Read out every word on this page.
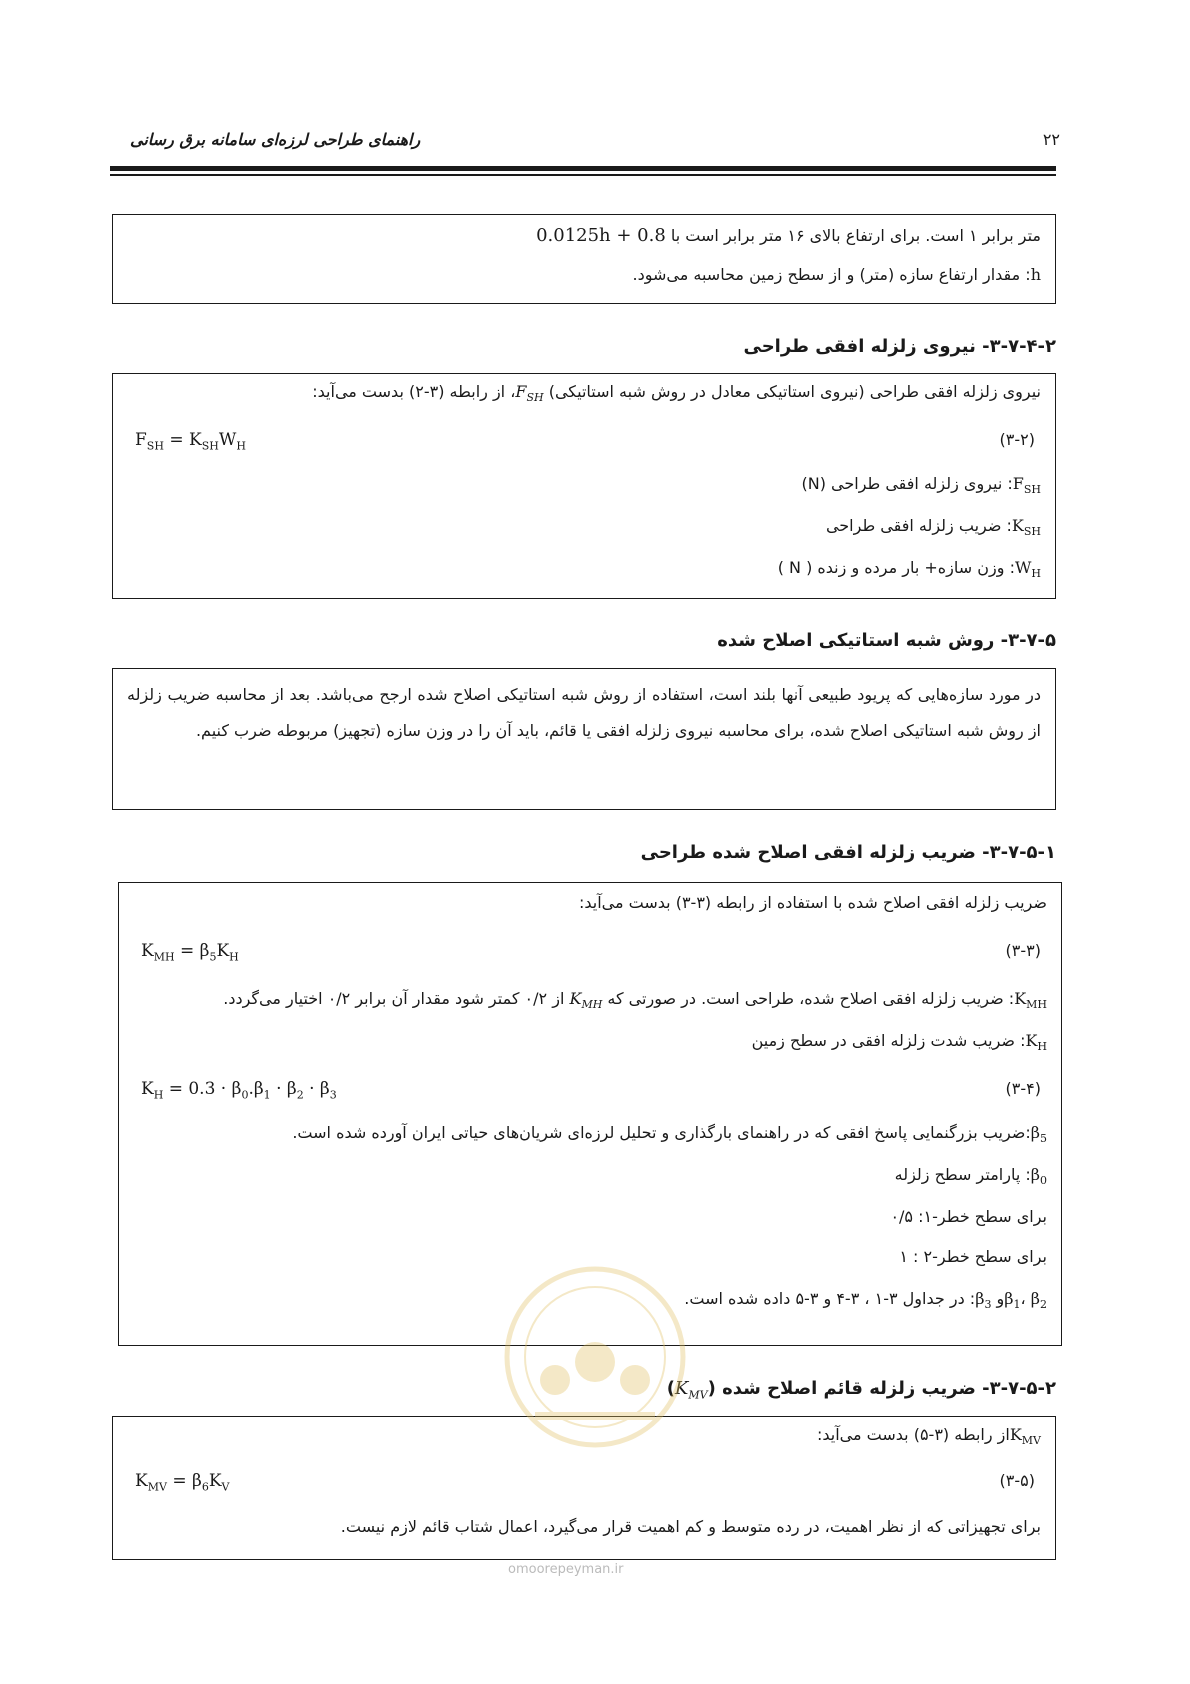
راهنمای طراحی لرزه‌ای سامانه برق رسانی	۲۲
متر برابر ۱ است. برای ارتفاع بالای ۱۶ متر برابر است با 0.0125h + 0.8
h: مقدار ارتفاع سازه (متر) و از سطح زمین محاسبه می‌شود.
۳-۷-۴-۲- نیروی زلزله افقی طراحی
نیروی زلزله افقی طراحی (نیروی استاتیکی معادل در روش شبه استاتیکی) $F_{SH}،$ از رابطه (۳-۲) بدست می‌آید:
$F_{SH} = K_{SH}W_H$	(۳-۲)
$F_{SH}$: نیروی زلزله افقی طراحی (N)
$K_{SH}$: ضریب زلزله افقی طراحی
$W_H$: وزن سازه+ بار مرده و زنده ( N )
۳-۷-۵- روش شبه استاتیکی اصلاح شده
در مورد سازه‌هایی که پریود طبیعی آنها بلند است، استفاده از روش شبه استاتیکی اصلاح شده ارجح می‌باشد. بعد از محاسبه ضریب زلزله از روش شبه استاتیکی اصلاح شده، برای محاسبه نیروی زلزله افقی یا قائم، باید آن را در وزن سازه (تجهیز) مربوطه ضرب کنیم.
۳-۷-۵-۱- ضریب زلزله افقی اصلاح شده طراحی
ضریب زلزله افقی اصلاح شده با استفاده از رابطه (۳-۳) بدست می‌آید:
$K_{MH} = \beta_5K_H$	(۳-۳)
$K_{MH}$: ضریب زلزله افقی اصلاح شده، طراحی است. در صورتی که $K_{MH}$ از ۰/۲ کمتر شود مقدار آن برابر ۰/۲ اختیار می‌گردد.
$K_H$: ضریب شدت زلزله افقی در سطح زمین
$K_H = 0.3 \cdot \beta_0.\beta_1 \cdot \beta_2 \cdot \beta_3$	(۳-۴)
$\beta_5:ضریب$ بزرگنمایی پاسخ افقی که در راهنمای بارگذاری و تحلیل لرزه‌ای شریان‌های حیاتی ایران آورده شده است.
$\beta_0$: پارامتر سطح زلزله
برای سطح خطر-۱: ۰/۵
برای سطح خطر-۲ : ۱
$\beta_1،$ $\beta_2و$ $\beta_3$: در جداول ۳-۱ ، ۳-۴ و ۳-۵ داده شده است.
۳-۷-۵-۲- ضریب زلزله قائم اصلاح شده $(K_{MV})$
$K_{MV}از$ رابطه (۳-۵) بدست می‌آید:
$K_{MV} = \beta_6K_V$	(۳-۵)
برای تجهیزاتی که از نظر اهمیت، در رده متوسط و کم اهمیت قرار می‌گیرد، اعمال شتاب قائم لازم نیست.
omoorepeyman.ir
